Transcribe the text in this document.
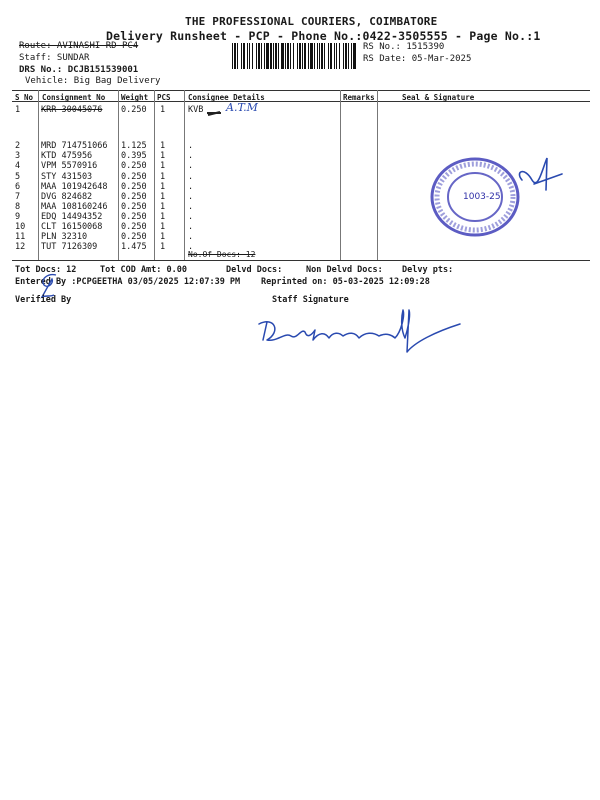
THE PROFESSIONAL COURIERS, COIMBATORE
Delivery Runsheet - PCP - Phone No.:0422-3505555 - Page No.:1
Route: AVINASHI RD PC4
Staff: SUNDAR
DRS No.: DCJB151539001
Vehicle: Big Bag Delivery
RS No.: 1515390
RS Date: 05-Mar-2025
S No Consignment No Weight PCS Consignee Details	Remarks	Seal & Signature
1 KRR 30045076 0.250 1	KVB
2 MRD 714751066 1.125 1	.
3 KTD 475956	0.395 1	.
4 VPM 5570916	0.250 1	.
5 STY 431503	0.250 1	.
6 MAA 101942648 0.250 1	.
7 DVG 824682	0.250 1	.
8 MAA 108160246 0.250 1	.
9 EDQ 14494352 0.250 1	.
10 CLT 16150068 0.250 1	.
11 PLN 32310	0.250 1	.
12 TUT 7126309	1.475 1	.
A.T.M
No.Of Docs: 12
1003-25
Tot Docs: 12	Tot COD Amt: 0.00	Delvd Docs:	Non Delvd Docs: Delvy pts:
Entered By :PCPGEETHA 03/05/2025 12:07:39 PM Reprinted on: 05-03-2025 12:09:28
Verified By	Staff Signature
